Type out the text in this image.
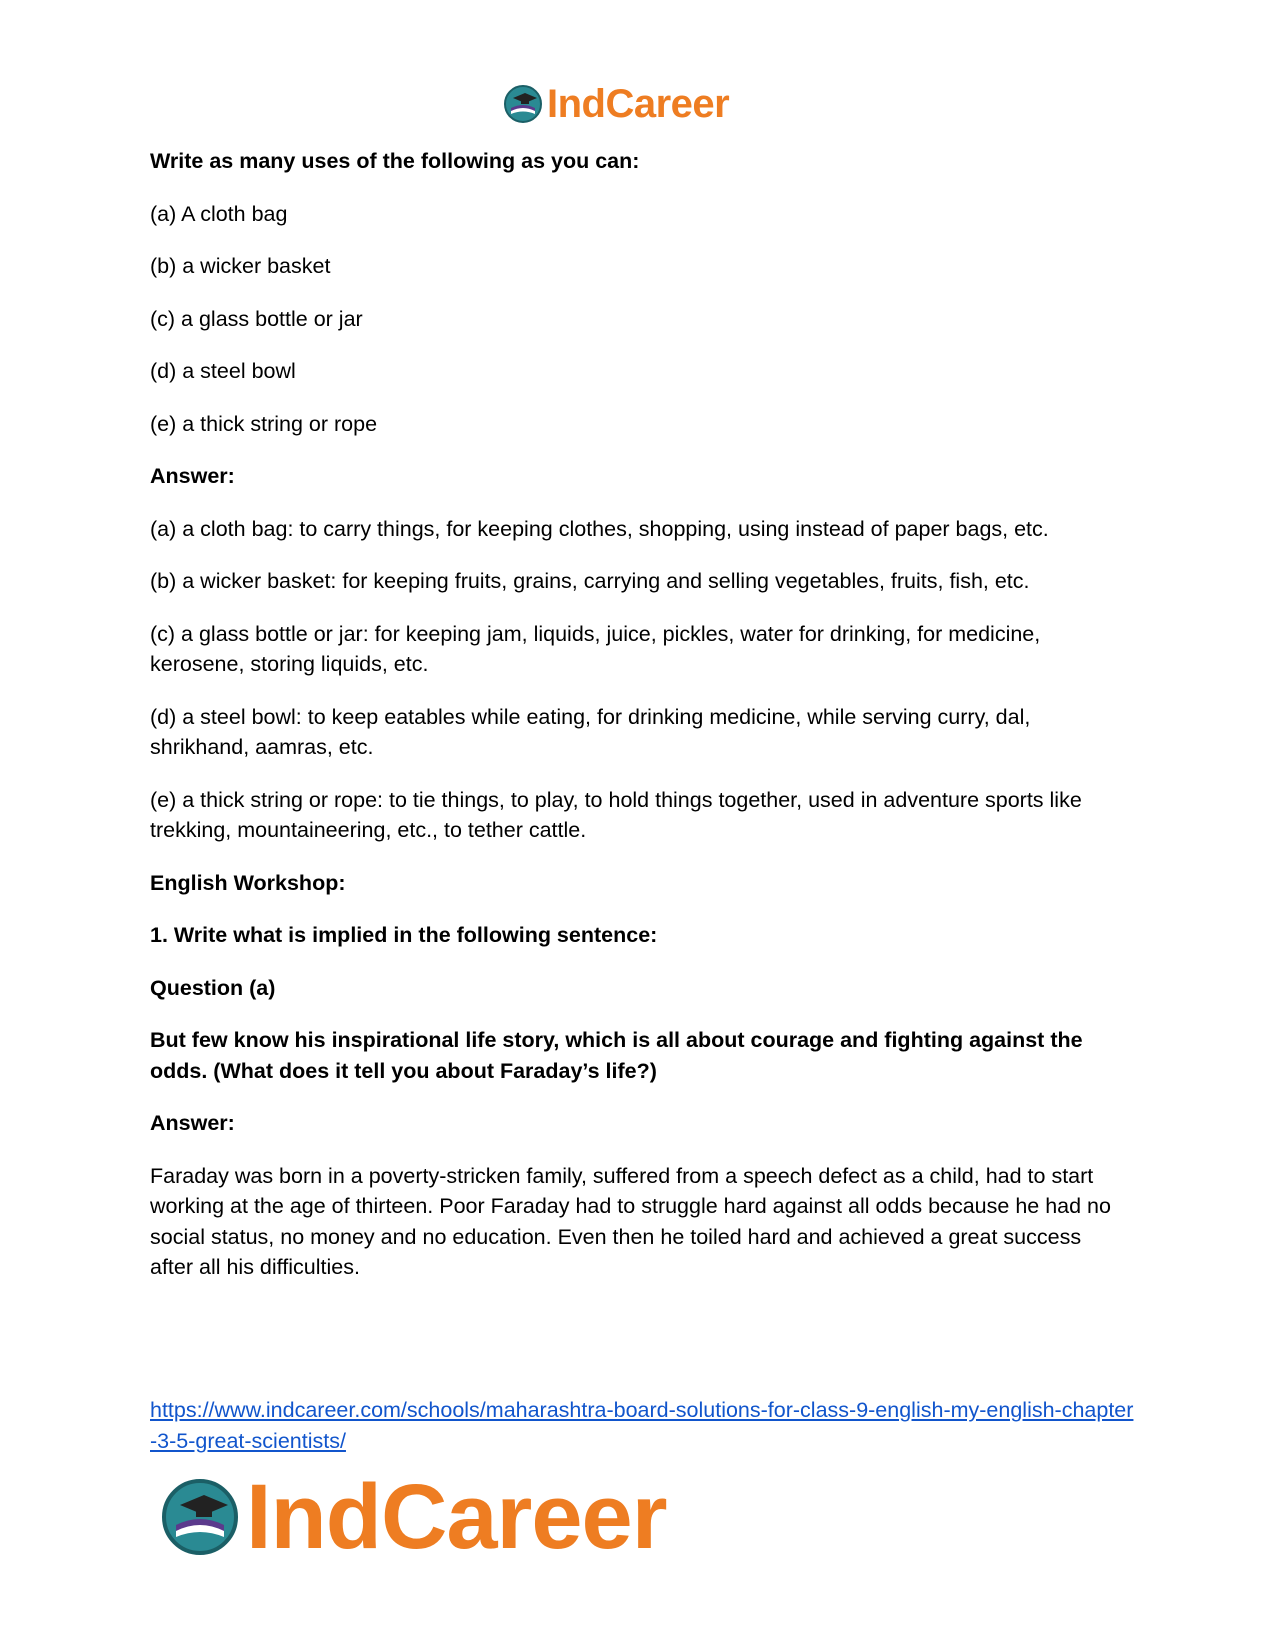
IndCareer

Write as many uses of the following as you can:

(a) A cloth bag

(b) a wicker basket

(c) a glass bottle or jar

(d) a steel bowl

(e) a thick string or rope

Answer:

(a) a cloth bag: to carry things, for keeping clothes, shopping, using instead of paper bags, etc.

(b) a wicker basket: for keeping fruits, grains, carrying and selling vegetables, fruits, fish, etc.

(c) a glass bottle or jar: for keeping jam, liquids, juice, pickles, water for drinking, for medicine, kerosene, storing liquids, etc.

(d) a steel bowl: to keep eatables while eating, for drinking medicine, while serving curry, dal, shrikhand, aamras, etc.

(e) a thick string or rope: to tie things, to play, to hold things together, used in adventure sports like trekking, mountaineering, etc., to tether cattle.

English Workshop:

1. Write what is implied in the following sentence:

Question (a)

But few know his inspirational life story, which is all about courage and fighting against the odds. (What does it tell you about Faraday’s life?)

Answer:

Faraday was born in a poverty-stricken family, suffered from a speech defect as a child, had to start working at the age of thirteen. Poor Faraday had to struggle hard against all odds because he had no social status, no money and no education. Even then he toiled hard and achieved a great success after all his difficulties.

https://www.indcareer.com/schools/maharashtra-board-solutions-for-class-9-english-my-english-chapter-3-5-great-scientists/
IndCareer
